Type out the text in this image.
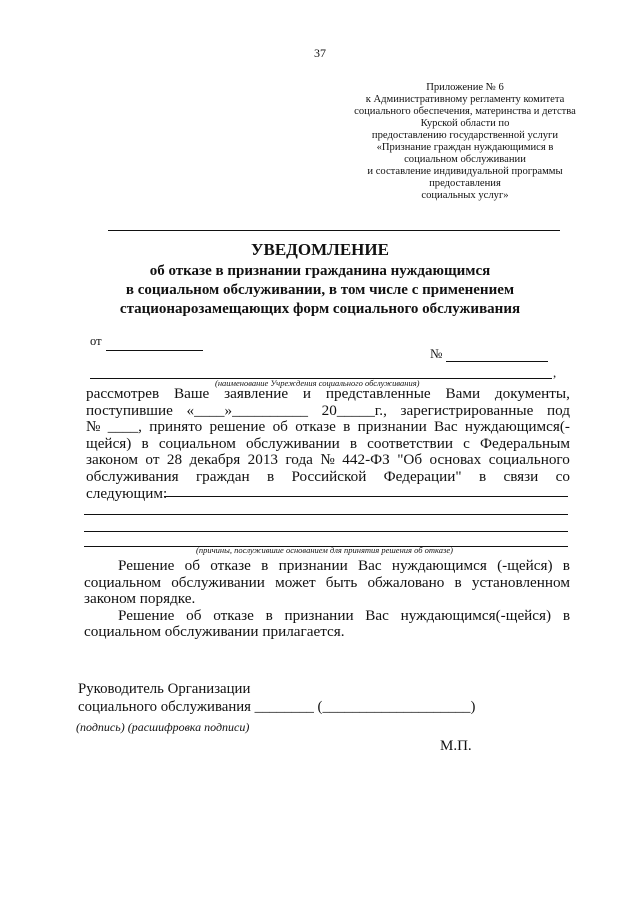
37
Приложение № 6
к Административному регламенту комитета
социального обеспечения, материнства и детства
Курской области по
предоставлению государственной услуги
«Признание граждан нуждающимися в
социальном обслуживании
и составление индивидуальной программы
предоставления
социальных услуг»
УВЕДОМЛЕНИЕ
об отказе в признании гражданина нуждающимся
в социальном обслуживании, в том числе с применением
стационарозамещающих форм социального обслуживания
от
№
,
(наименование Учреждения социального обслуживания)
рассмотрев Ваше заявление и представленные Вами документы,
поступившие «____»__________ 20_____г., зарегистрированные под
№ ____, принято решение об отказе в признании Вас нуждающимся(-
щейся) в социальном обслуживании в соответствии с Федеральным
законом от 28 декабря 2013 года № 442-ФЗ "Об основах социального
обслуживания граждан в Российской Федерации" в связи со
следующим:
(причины, послужившие основанием для принятия решения об отказе)
Решение об отказе в признании Вас нуждающимся (-щейся) в
социальном обслуживании может быть обжаловано в установленном
законом порядке.
Решение об отказе в признании Вас нуждающимся(-щейся) в
социальном обслуживании прилагается.
Руководитель Организации
социального обслуживания ________ (____________________)
(подпись) (расшифровка подписи)
М.П.
